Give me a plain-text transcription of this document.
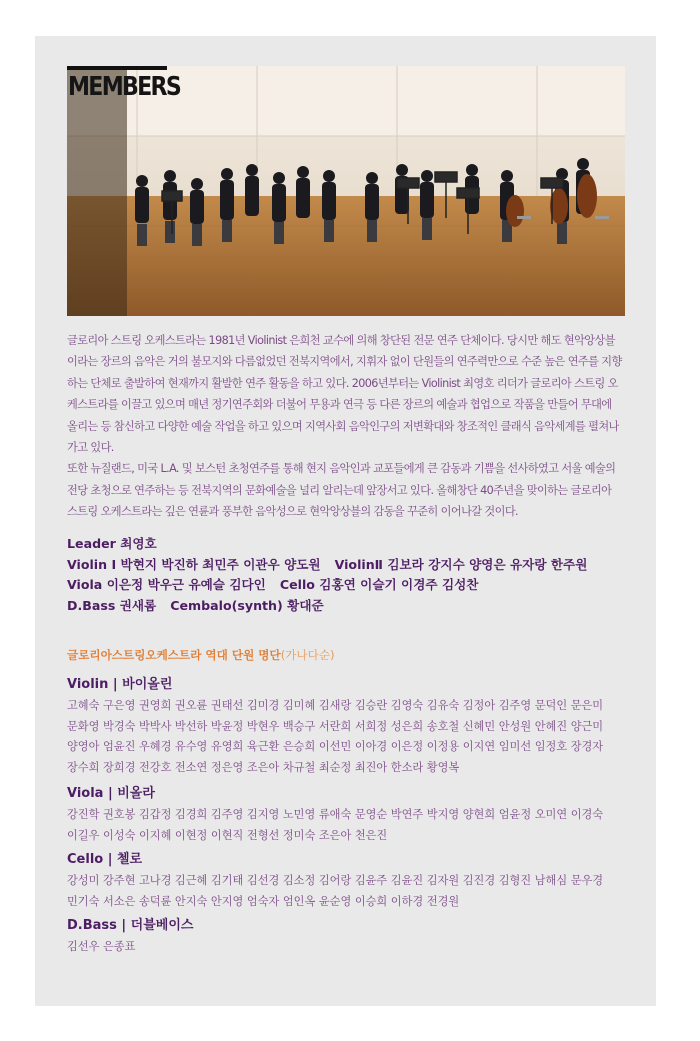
MEMBERS

글로리아 스트링 오케스트라는 1981년 Violinist 은희천 교수에 의해 창단된 전문 연주 단체이다. 당시만 해도 현악앙상블

이라는 장르의 음악은 거의 불모지와 다름없었던 전북지역에서, 지휘자 없이 단원들의 연주력만으로 수준 높은 연주를 지향

하는 단체로 출발하여 현재까지 활발한 연주 활동을 하고 있다. 2006년부터는 Violinist 최영호 리더가 글로리아 스트링 오

케스트라를 이끌고 있으며 매년 정기연주회와 더불어 무용과 연극 등 다른 장르의 예술과 협업으로 작품을 만들어 무대에

올리는 등 참신하고 다양한 예술 작업을 하고 있으며 지역사회 음악인구의 저변확대와 창조적인 클래식 음악세계를 펼쳐나

가고 있다.

또한 뉴질랜드, 미국 L.A. 및 보스턴 초청연주를 통해 현지 음악인과 교포들에게 큰 감동과 기쁨을 선사하였고 서울 예술의

전당 초청으로 연주하는 등 전북지역의 문화예술을 널리 알리는데 앞장서고 있다. 올해창단 40주년을 맞이하는 글로리아

스트링 오케스트라는 깊은 연륜과 풍부한 음악성으로 현악앙상블의 감동을 꾸준히 이어나갈 것이다.

Leader 최영호
Violin Ⅰ 박현지 박진하 최민주 이관우 양도원 ViolinⅡ 김보라 강지수 양영은 유자랑 한주원
Viola 이은정 박우근 유예슬 김다인 Cello 김홍연 이슬기 이경주 김성찬
D.Bass 권새롬 Cembalo(synth) 황대준
글로리아스트링오케스트라 역대 단원 명단(가나다순)
Violin | 바이올린

고혜숙 구은영 권영희 권오륜 권태선 김미경 김미혜 김새랑 김승란 김영숙 김유숙 김정아 김주영 문덕인 문은미

문화영 박경숙 박박사 박선하 박윤정 박현우 백승구 서란희 서희정 성은희 송호철 신혜민 안성원 안혜진 양근미

양영아 엄윤진 우혜경 유수영 유영희 육근환 은승희 이선민 이아경 이은정 이정용 이지연 임미선 임정호 장경자

장수희 장희경 전강호 전소연 정은영 조은아 차규철 최순정 최진아 한소라 황영복

Viola | 비올라

강진학 권호봉 김갑정 김경희 김주영 김지영 노민영 류애숙 문영순 박연주 박지영 양현희 엄윤정 오미연 이경숙

이길우 이성숙 이지혜 이현정 이현직 전형선 정미숙 조은아 천은진

Cello | 첼로

강성미 강주현 고나경 김근혜 김기태 김선경 김소정 김어랑 김윤주 김윤진 김자원 김진경 김형진 남해심 문우경

민기숙 서소은 송덕륜 안지숙 안지영 엄숙자 엄인옥 윤순영 이승희 이하경 전경원

D.Bass | 더블베이스

김선우 은종표
